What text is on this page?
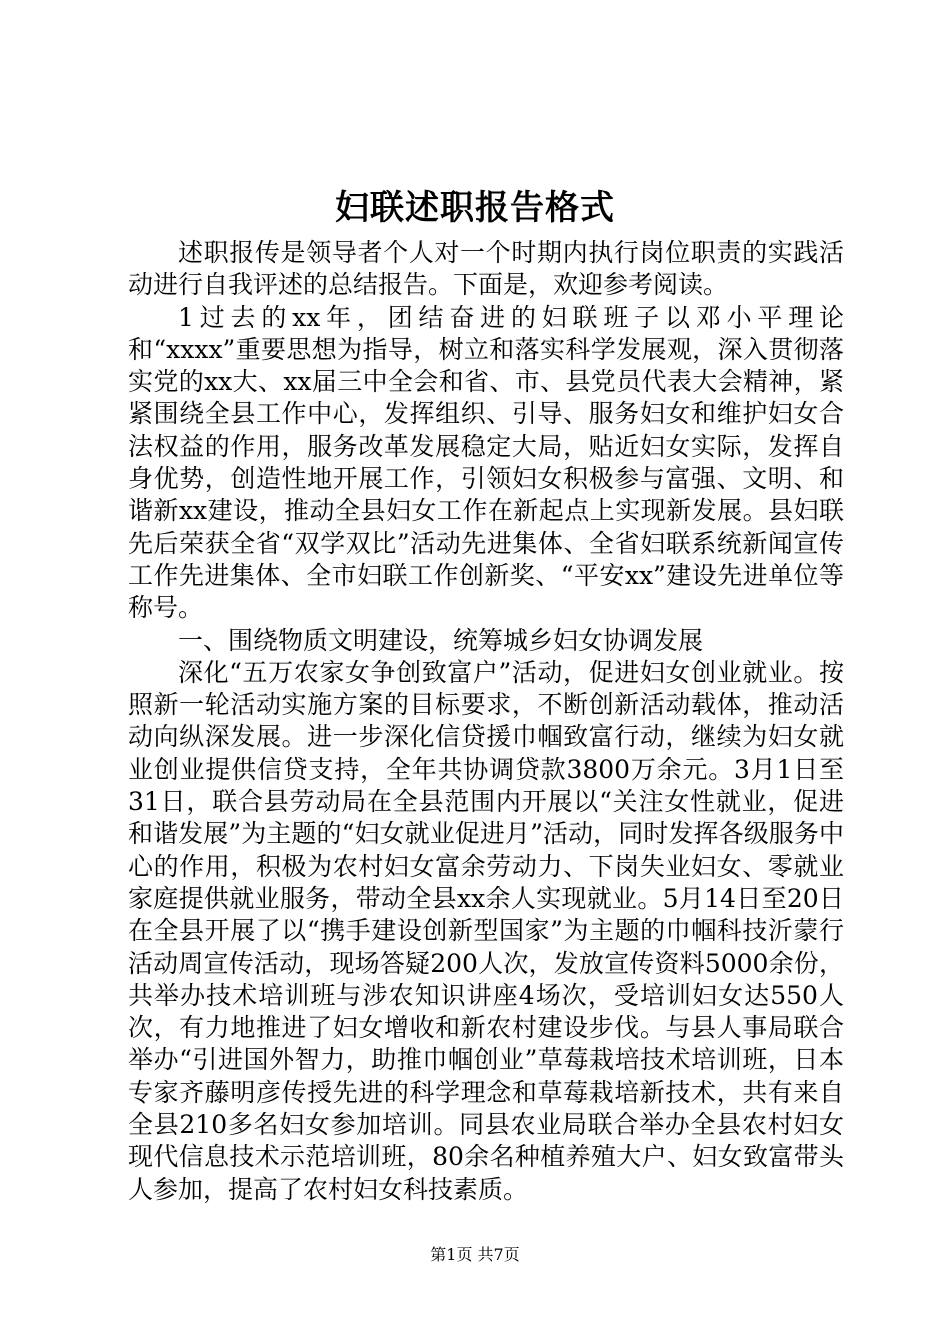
妇联述职报告格式

述职报传是领导者个人对一个时期内执行岗位职责的实践活动进行自我评述的总结报告。下面是，欢迎参考阅读。

1过去的xx年，团结奋进的妇联班子以邓小平理论和“xxxx”重要思想为指导，树立和落实科学发展观，深入贯彻落实党的xx大、xx届三中全会和省、市、县党员代表大会精神，紧紧围绕全县工作中心，发挥组织、引导、服务妇女和维护妇女合法权益的作用，服务改革发展稳定大局，贴近妇女实际，发挥自身优势，创造性地开展工作，引领妇女积极参与富强、文明、和谐新xx建设，推动全县妇女工作在新起点上实现新发展。县妇联先后荣获全省“双学双比”活动先进集体、全省妇联系统新闻宣传工作先进集体、全市妇联工作创新奖、“平安xx”建设先进单位等称号。

一、围绕物质文明建设，统筹城乡妇女协调发展

深化“五万农家女争创致富户”活动，促进妇女创业就业。按照新一轮活动实施方案的目标要求，不断创新活动载体，推动活动向纵深发展。进一步深化信贷援巾帼致富行动，继续为妇女就业创业提供信贷支持，全年共协调贷款3800万余元。3月1日至31日，联合县劳动局在全县范围内开展以“关注女性就业，促进和谐发展”为主题的“妇女就业促进月”活动，同时发挥各级服务中心的作用，积极为农村妇女富余劳动力、下岗失业妇女、零就业家庭提供就业服务，带动全县xx余人实现就业。5月14日至20日在全县开展了以“携手建设创新型国家”为主题的巾帼科技沂蒙行活动周宣传活动，现场答疑200人次，发放宣传资料5000余份，共举办技术培训班与涉农知识讲座4场次，受培训妇女达550人次，有力地推进了妇女增收和新农村建设步伐。与县人事局联合举办“引进国外智力，助推巾帼创业”草莓栽培技术培训班，日本专家齐藤明彦传授先进的科学理念和草莓栽培新技术，共有来自全县210多名妇女参加培训。同县农业局联合举办全县农村妇女现代信息技术示范培训班，80余名种植养殖大户、妇女致富带头人参加，提高了农村妇女科技素质。

第1页 共7页
